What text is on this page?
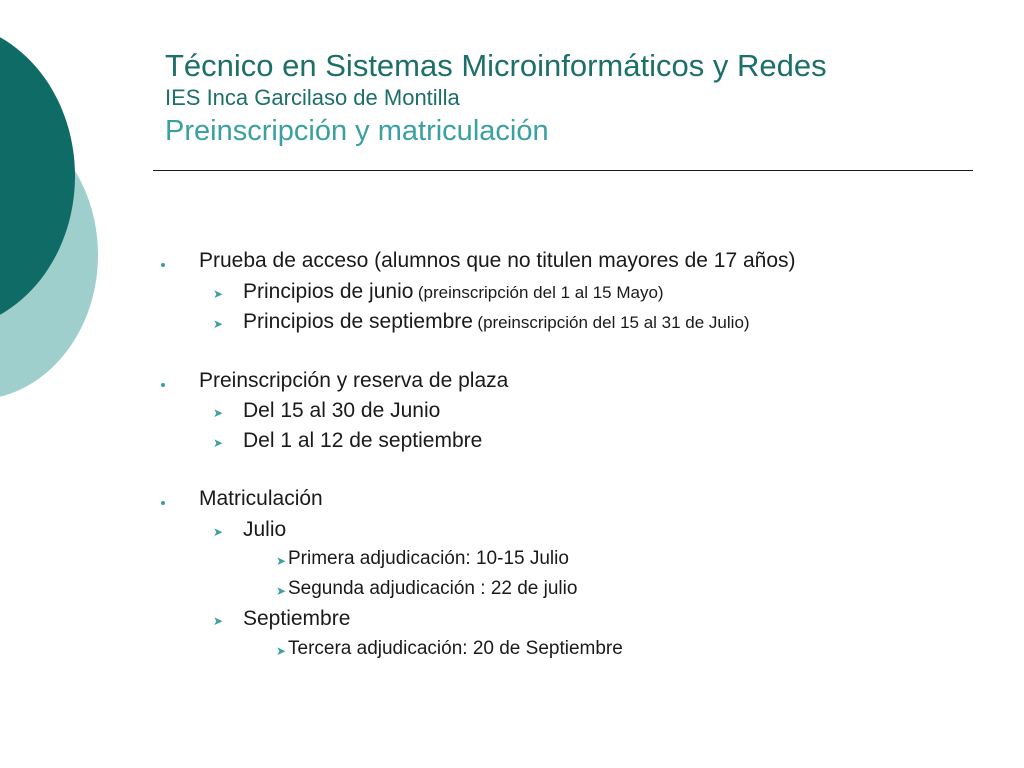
Técnico en Sistemas Microinformáticos y Redes
IES Inca Garcilaso de Montilla
Preinscripción y matriculación
Prueba de acceso (alumnos que no titulen mayores de 17 años)
➤ Principios de junio (preinscripción del 1 al 15 Mayo)
➤ Principios de septiembre (preinscripción del 15 al 31 de Julio)
Preinscripción y reserva de plaza
➤ Del 15 al 30 de Junio
➤ Del 1 al 12 de septiembre
Matriculación
➤ Julio
➤ Primera adjudicación: 10-15 Julio
➤ Segunda adjudicación : 22 de julio
➤ Septiembre
➤ Tercera adjudicación: 20 de Septiembre
